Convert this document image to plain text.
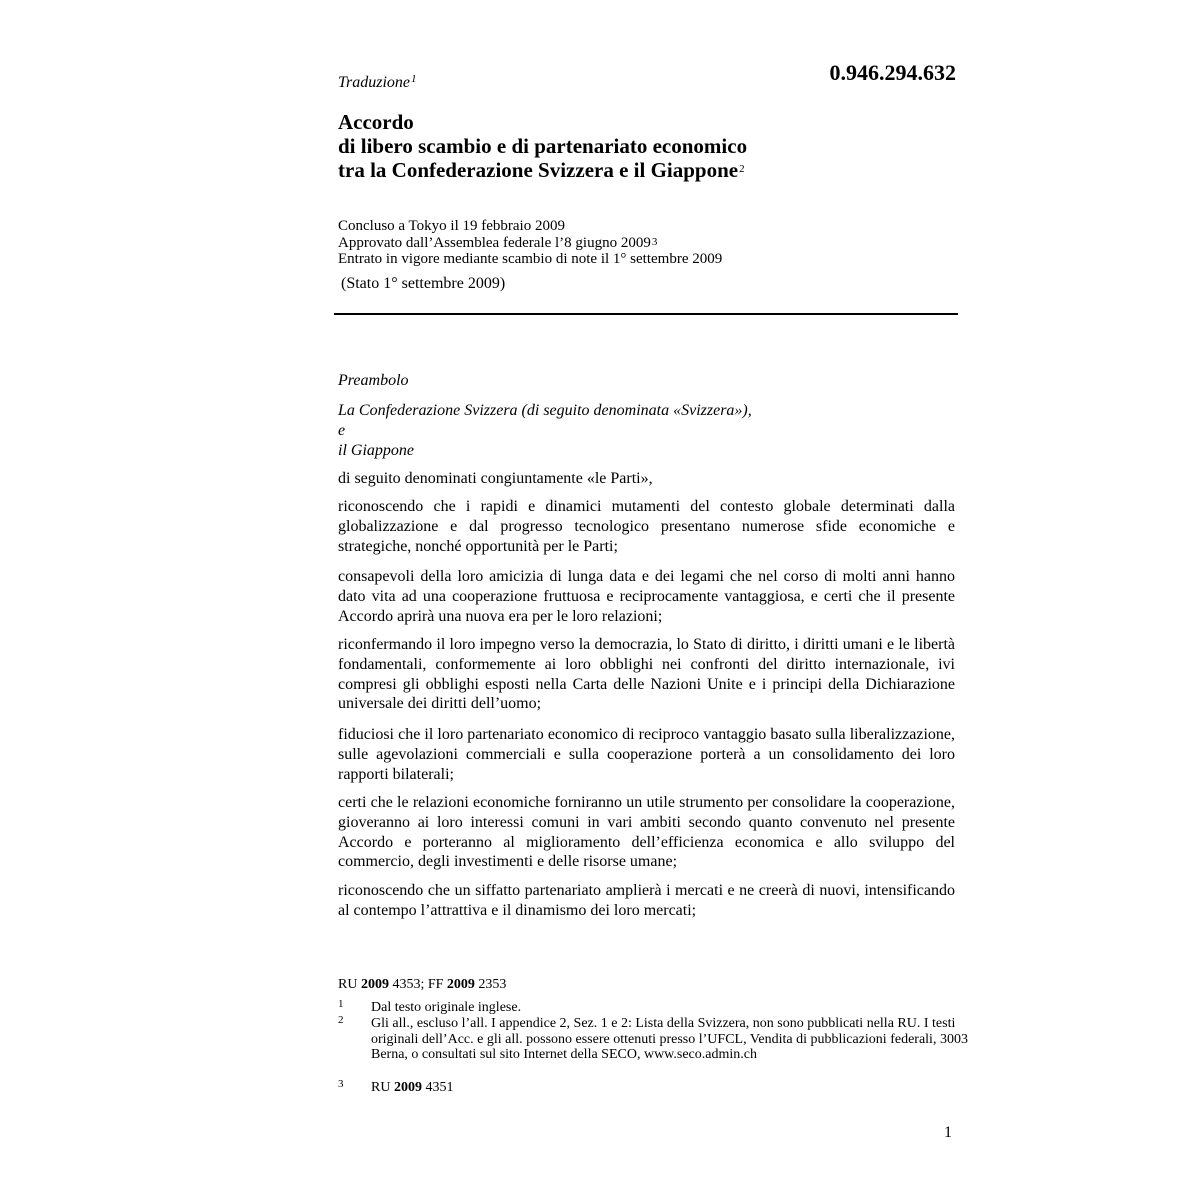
0.946.294.632
Traduzione$^1$
Accordo
di libero scambio e di partenariato economico
tra la Confederazione Svizzera e il Giappone$^2$
Concluso a Tokyo il 19 febbraio 2009
Approvato dall’Assemblea federale l’8 giugno 2009$^3$
Entrato in vigore mediante scambio di note il 1° settembre 2009
(Stato 1° settembre 2009)
Preambolo
La Confederazione Svizzera (di seguito denominata «Svizzera»),
e
il Giappone
di seguito denominati congiuntamente «le Parti»,
riconoscendo che i rapidi e dinamici mutamenti del contesto globale determinati dalla globalizzazione e dal progresso tecnologico presentano numerose sfide economiche e strategiche, nonché opportunità per le Parti;
consapevoli della loro amicizia di lunga data e dei legami che nel corso di molti anni hanno dato vita ad una cooperazione fruttuosa e reciprocamente vantaggiosa, e certi che il presente Accordo aprirà una nuova era per le loro relazioni;
riconfermando il loro impegno verso la democrazia, lo Stato di diritto, i diritti umani e le libertà fondamentali, conformemente ai loro obblighi nei confronti del diritto internazionale, ivi compresi gli obblighi esposti nella Carta delle Nazioni Unite e i principi della Dichiarazione universale dei diritti dell’uomo;
fiduciosi che il loro partenariato economico di reciproco vantaggio basato sulla liberalizzazione, sulle agevolazioni commerciali e sulla cooperazione porterà a un consolidamento dei loro rapporti bilaterali;
certi che le relazioni economiche forniranno un utile strumento per consolidare la cooperazione, gioveranno ai loro interessi comuni in vari ambiti secondo quanto convenuto nel presente Accordo e porteranno al miglioramento dell’efficienza economica e allo sviluppo del commercio, degli investimenti e delle risorse umane;
riconoscendo che un siffatto partenariato amplierà i mercati e ne creerà di nuovi, intensificando al contempo l’attrattiva e il dinamismo dei loro mercati;
RU 2009 4353; FF 2009 2353
1 Dal testo originale inglese.
2 Gli all., escluso l’all. I appendice 2, Sez. 1 e 2: Lista della Svizzera, non sono pubblicati nella RU. I testi originali dell’Acc. e gli all. possono essere ottenuti presso l’UFCL, Vendita di pubblicazioni federali, 3003 Berna, o consultati sul sito Internet della SECO, www.seco.admin.ch
3 RU 2009 4351
1
